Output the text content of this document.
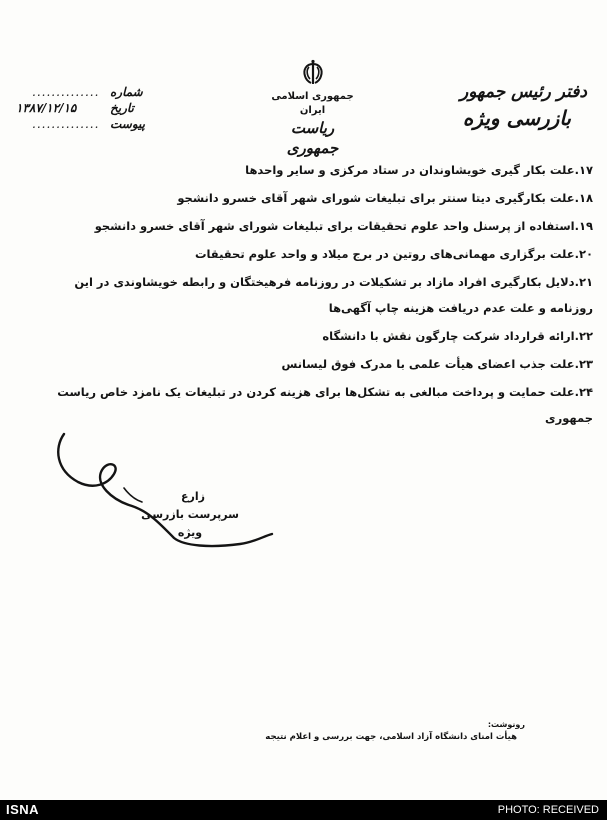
دفتر رئیس جمهور
بازرسی ویژه
جمهوری اسلامی ایران
ریاست جمهوری
شماره
..............
تاریخ
۱۳۸۷/۱۲/۱۵
پیوست
..............
۱۷.علت بکار گیری خویشاوندان در ستاد مرکزی و سایر واحدها
۱۸.علت بکارگیری دیتا سنتر برای تبلیغات شورای شهر آقای خسرو دانشجو
۱۹.استفاده از پرسنل واحد علوم تحقیقات برای تبلیغات شورای شهر آقای خسرو دانشجو
۲۰.علت برگزاری مهمانی‌های روتین در برج میلاد و واحد علوم تحقیقات
۲۱.دلایل بکارگیری افراد مازاد بر تشکیلات در روزنامه فرهیختگان و رابطه خویشاوندی در این
روزنامه و علت عدم دریافت هزینه چاپ آگهی‌ها
۲۲.ارائه قرارداد شرکت چارگون نقش با دانشگاه
۲۳.علت جذب اعضای هیأت علمی با مدرک فوق لیسانس
۲۴.علت حمایت و پرداخت مبالغی به تشکل‌ها برای هزینه کردن در تبلیغات یک نامزد خاص ریاست
جمهوری
زارع
سرپرست بازرسی ویژه
رونوشت:
هیأت امنای دانشگاه آزاد اسلامی، جهت بررسی و اعلام نتیجه
ISNA	PHOTO: RECEIVED
